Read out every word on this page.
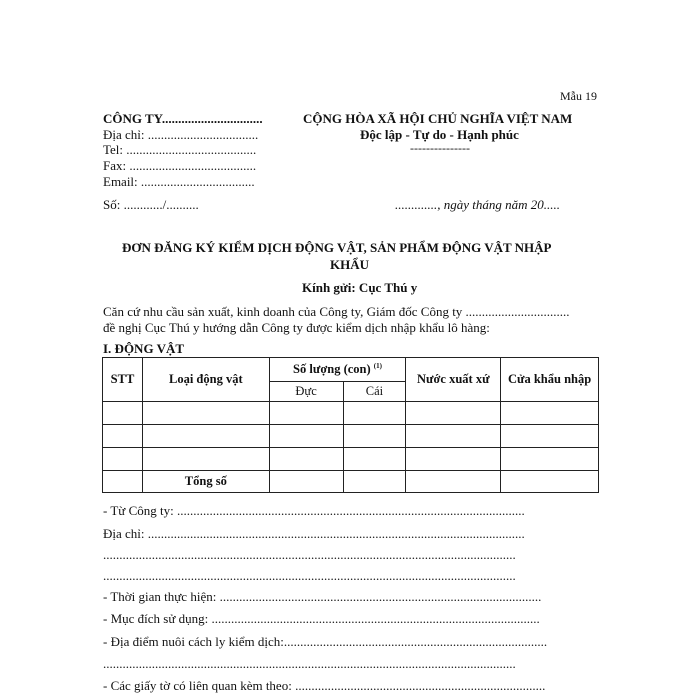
Mẫu 19
CÔNG TY...............................
Địa chỉ: ..................................
Tel: ........................................
Fax: .......................................
Email: ...................................
Số: ............/..........
CỘNG HÒA XÃ HỘI CHỦ NGHĨA VIỆT NAM
Độc lập - Tự do - Hạnh phúc
---------------
............., ngày tháng năm 20.....
ĐƠN ĐĂNG KÝ KIỂM DỊCH ĐỘNG VẬT, SẢN PHẨM ĐỘNG VẬT NHẬP
KHẨU
Kính gửi: Cục Thú y
Căn cứ nhu cầu sản xuất, kinh doanh của Công ty, Giám đốc Công ty ................................
đề nghị Cục Thú y hướng dẫn Công ty được kiểm dịch nhập khẩu lô hàng:
I. ĐỘNG VẬT
STT	Loại động vật	Số lượng (con) $^{(1)}$		Nước xuất xứ	Cửa khẩu nhập
		Đực	Cái		

	Tổng số				
- Từ Công ty: ...........................................................................................................
Địa chỉ: ....................................................................................................................
...............................................................................................................................
...............................................................................................................................
- Thời gian thực hiện: ...................................................................................................
- Mục đích sử dụng: .....................................................................................................
- Địa điểm nuôi cách ly kiểm dịch:.................................................................................
...............................................................................................................................
- Các giấy tờ có liên quan kèm theo: .............................................................................
